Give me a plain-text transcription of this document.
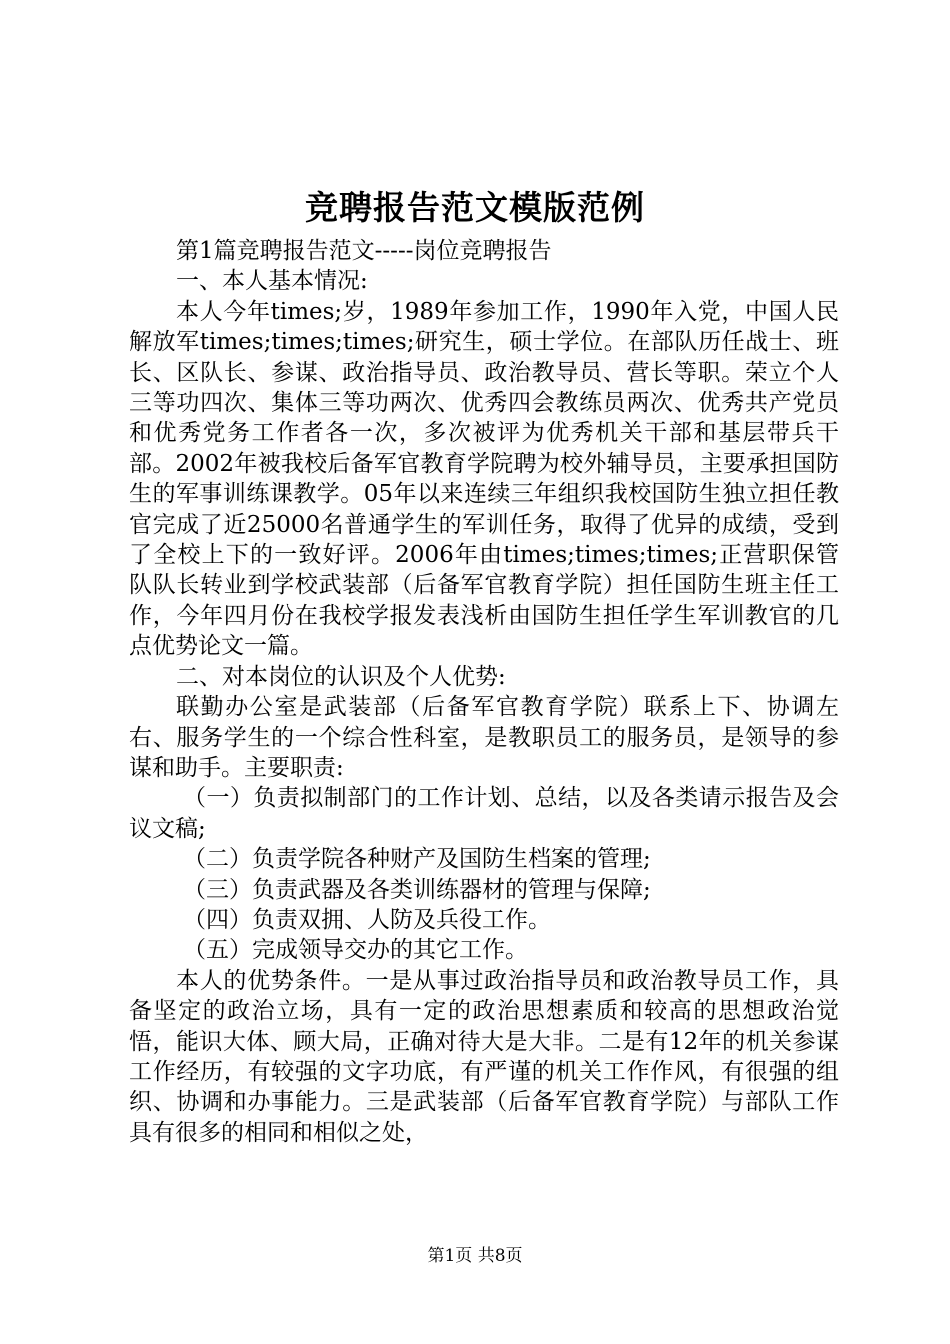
竞聘报告范文模版范例

第1篇竞聘报告范文-----岗位竞聘报告

一、本人基本情况:

本人今年times;岁，1989年参加工作，1990年入党，中国人民解放军times;times;times;研究生，硕士学位。在部队历任战士、班长、区队长、参谋、政治指导员、政治教导员、营长等职。荣立个人三等功四次、集体三等功两次、优秀四会教练员两次、优秀共产党员和优秀党务工作者各一次，多次被评为优秀机关干部和基层带兵干部。2002年被我校后备军官教育学院聘为校外辅导员，主要承担国防生的军事训练课教学。05年以来连续三年组织我校国防生独立担任教官完成了近25000名普通学生的军训任务，取得了优异的成绩，受到了全校上下的一致好评。2006年由times;times;times;正营职保管队队长转业到学校武装部（后备军官教育学院）担任国防生班主任工作，今年四月份在我校学报发表浅析由国防生担任学生军训教官的几点优势论文一篇。

二、对本岗位的认识及个人优势:

联勤办公室是武装部（后备军官教育学院）联系上下、协调左右、服务学生的一个综合性科室，是教职员工的服务员，是领导的参谋和助手。主要职责:

（一）负责拟制部门的工作计划、总结，以及各类请示报告及会议文稿;

（二）负责学院各种财产及国防生档案的管理;

（三）负责武器及各类训练器材的管理与保障;

（四）负责双拥、人防及兵役工作。

（五）完成领导交办的其它工作。

本人的优势条件。一是从事过政治指导员和政治教导员工作，具备坚定的政治立场，具有一定的政治思想素质和较高的思想政治觉悟，能识大体、顾大局，正确对待大是大非。二是有12年的机关参谋工作经历，有较强的文字功底，有严谨的机关工作作风，有很强的组织、协调和办事能力。三是武装部（后备军官教育学院）与部队工作具有很多的相同和相似之处，

第1页 共8页
